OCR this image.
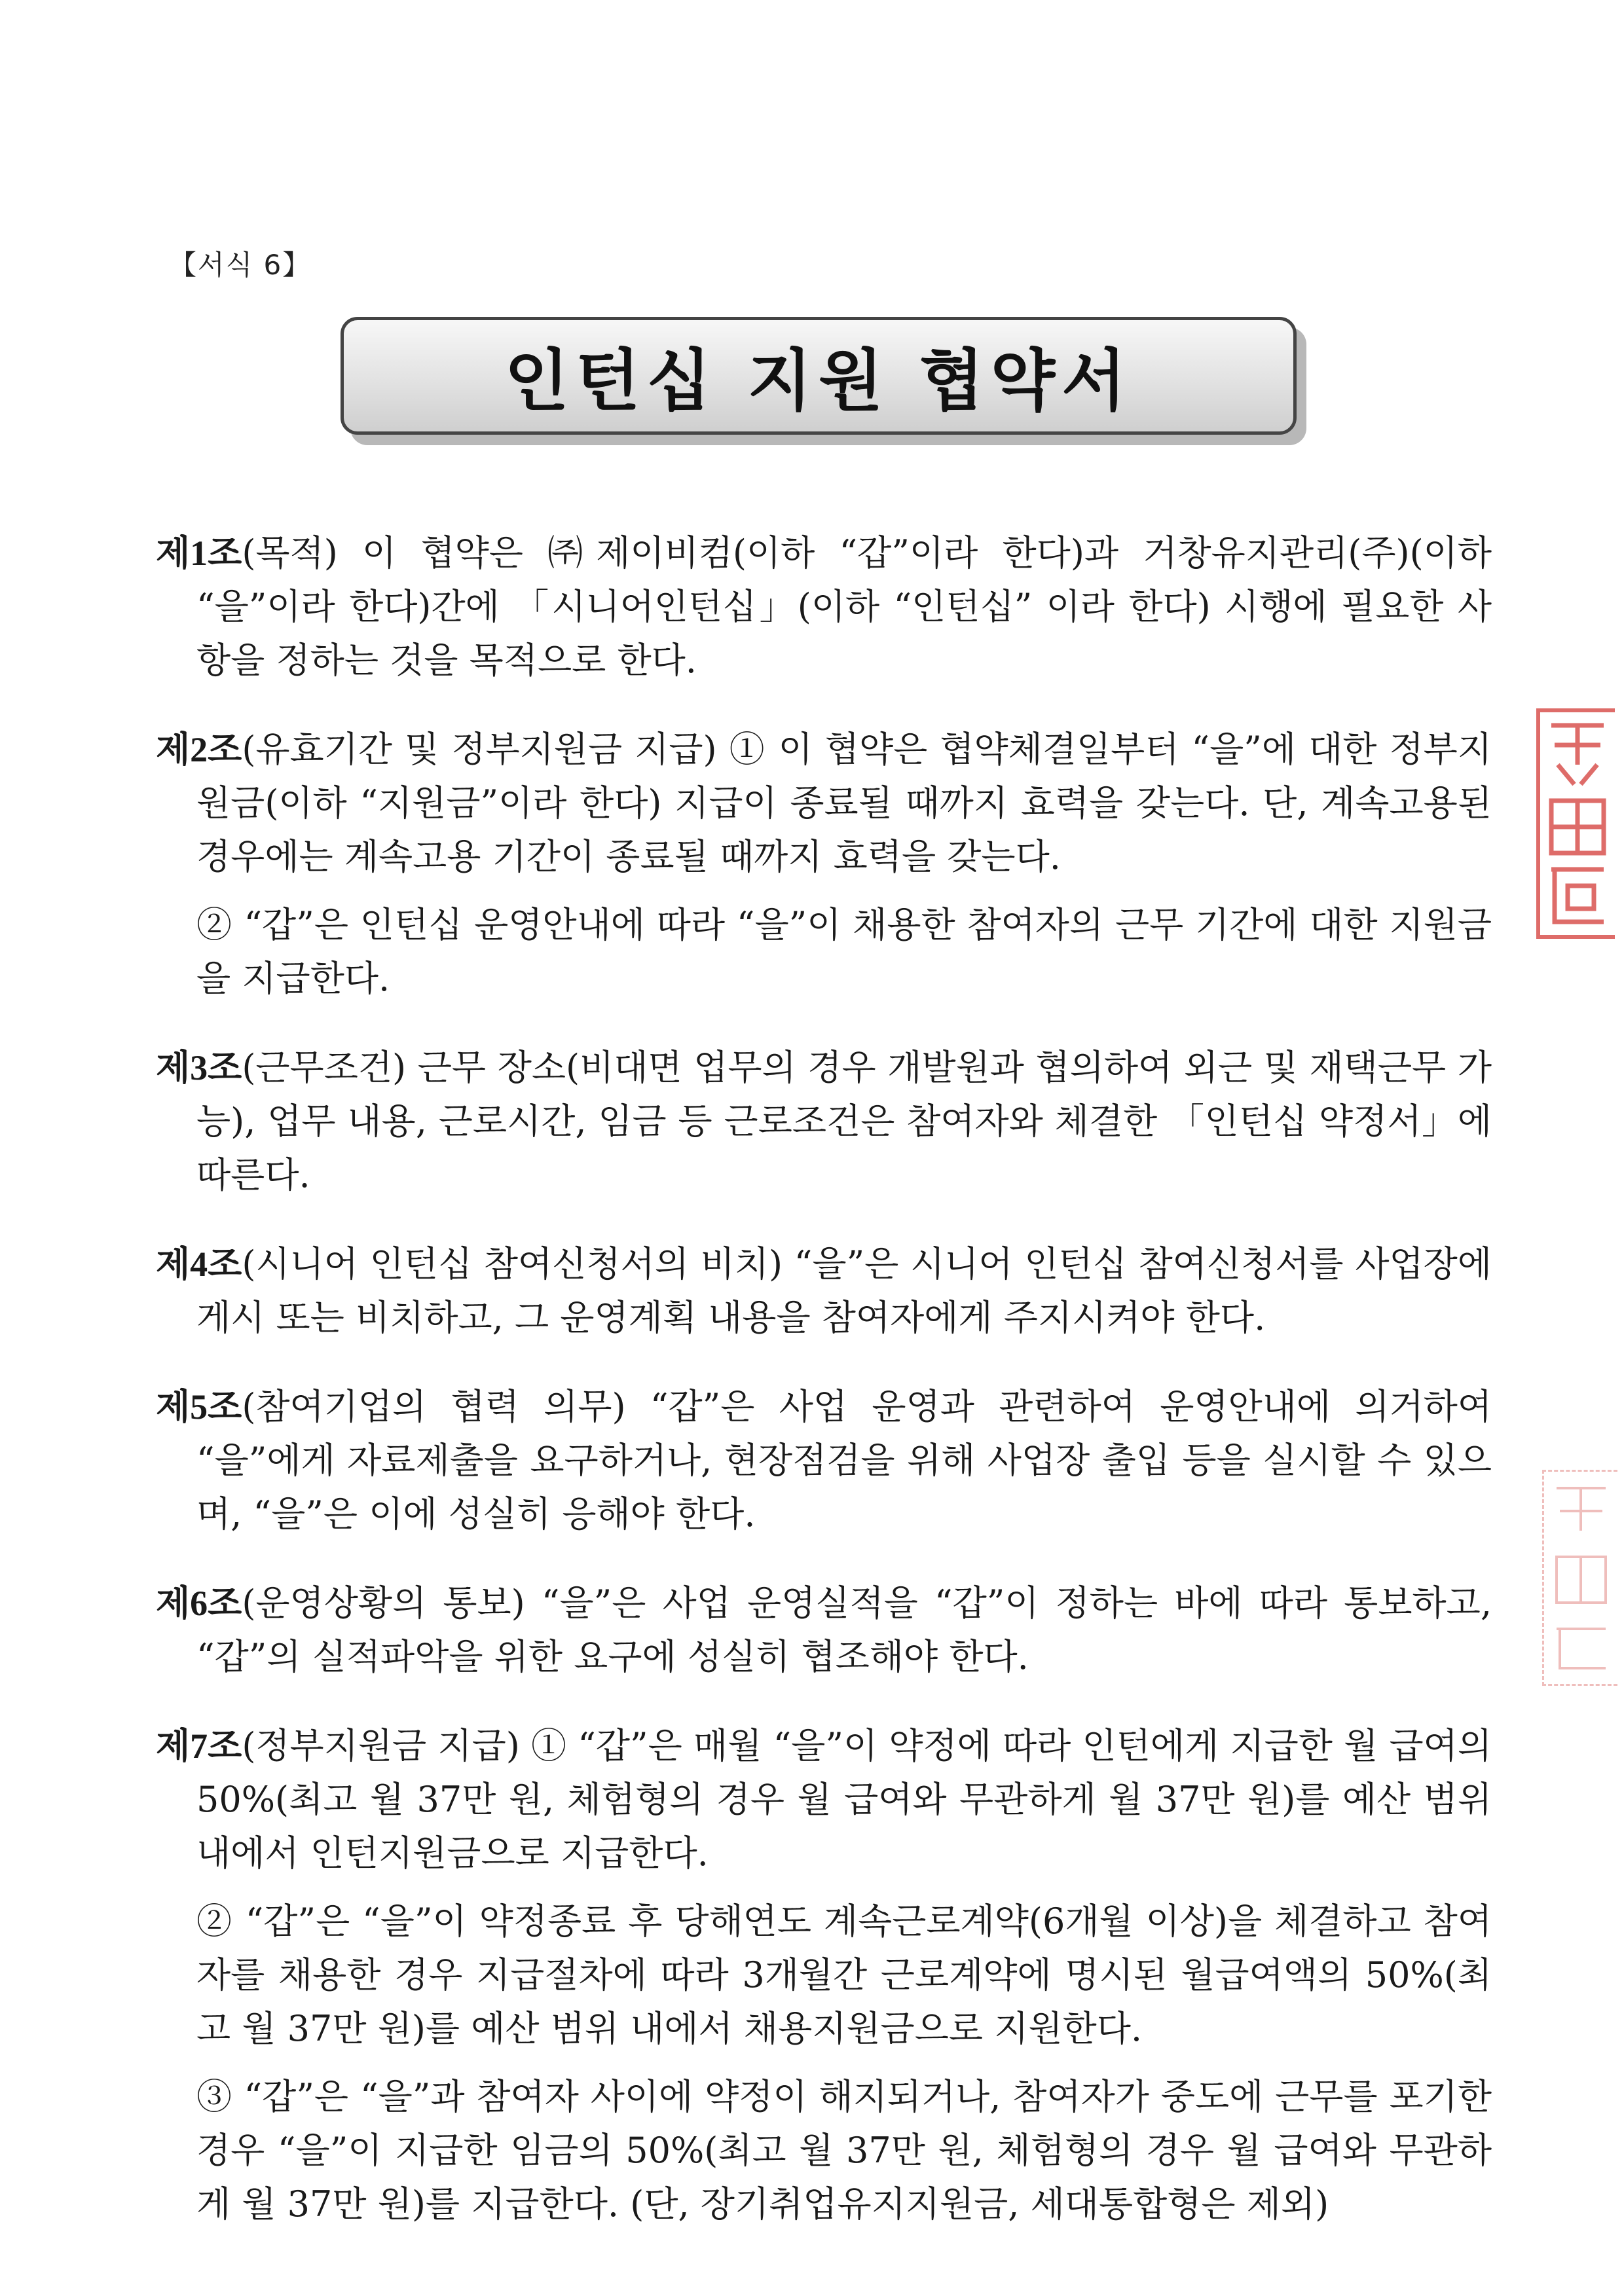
【서식 6】
인턴십 지원 협약서

제1조(목적) 이 협약은 ㈜제이비컴(이하 “갑”이라 한다)과 거창유지관리(주)(이하 “을”이라 한다)간에 「시니어인턴십」(이하 “인턴십” 이라 한다) 시행에 필요한 사항을 정하는 것을 목적으로 한다.

제2조(유효기간 및 정부지원금 지급) ① 이 협약은 협약체결일부터 “을”에 대한 정부지원금(이하 “지원금”이라 한다) 지급이 종료될 때까지 효력을 갖는다. 단, 계속고용된 경우에는 계속고용 기간이 종료될 때까지 효력을 갖는다.

② “갑”은 인턴십 운영안내에 따라 “을”이 채용한 참여자의 근무 기간에 대한 지원금을 지급한다.

제3조(근무조건) 근무 장소(비대면 업무의 경우 개발원과 협의하여 외근 및 재택근무 가능), 업무 내용, 근로시간, 임금 등 근로조건은 참여자와 체결한 「인턴십 약정서」에 따른다.

제4조(시니어 인턴십 참여신청서의 비치) “을”은 시니어 인턴십 참여신청서를 사업장에 게시 또는 비치하고, 그 운영계획 내용을 참여자에게 주지시켜야 한다.

제5조(참여기업의 협력 의무) “갑”은 사업 운영과 관련하여 운영안내에 의거하여 “을”에게 자료제출을 요구하거나, 현장점검을 위해 사업장 출입 등을 실시할 수 있으며, “을”은 이에 성실히 응해야 한다.

제6조(운영상황의 통보) “을”은 사업 운영실적을 “갑”이 정하는 바에 따라 통보하고, “갑”의 실적파악을 위한 요구에 성실히 협조해야 한다.

제7조(정부지원금 지급) ① “갑”은 매월 “을”이 약정에 따라 인턴에게 지급한 월 급여의 50%(최고 월 37만 원, 체험형의 경우 월 급여와 무관하게 월 37만 원)를 예산 범위 내에서 인턴지원금으로 지급한다.

② “갑”은 “을”이 약정종료 후 당해연도 계속근로계약(6개월 이상)을 체결하고 참여자를 채용한 경우 지급절차에 따라 3개월간 근로계약에 명시된 월급여액의 50%(최고 월 37만 원)를 예산 범위 내에서 채용지원금으로 지원한다.

③ “갑”은 “을”과 참여자 사이에 약정이 해지되거나, 참여자가 중도에 근무를 포기한 경우 “을”이 지급한 임금의 50%(최고 월 37만 원, 체험형의 경우 월 급여와 무관하게 월 37만 원)를 지급한다. (단, 장기취업유지지원금, 세대통합형은 제외)
